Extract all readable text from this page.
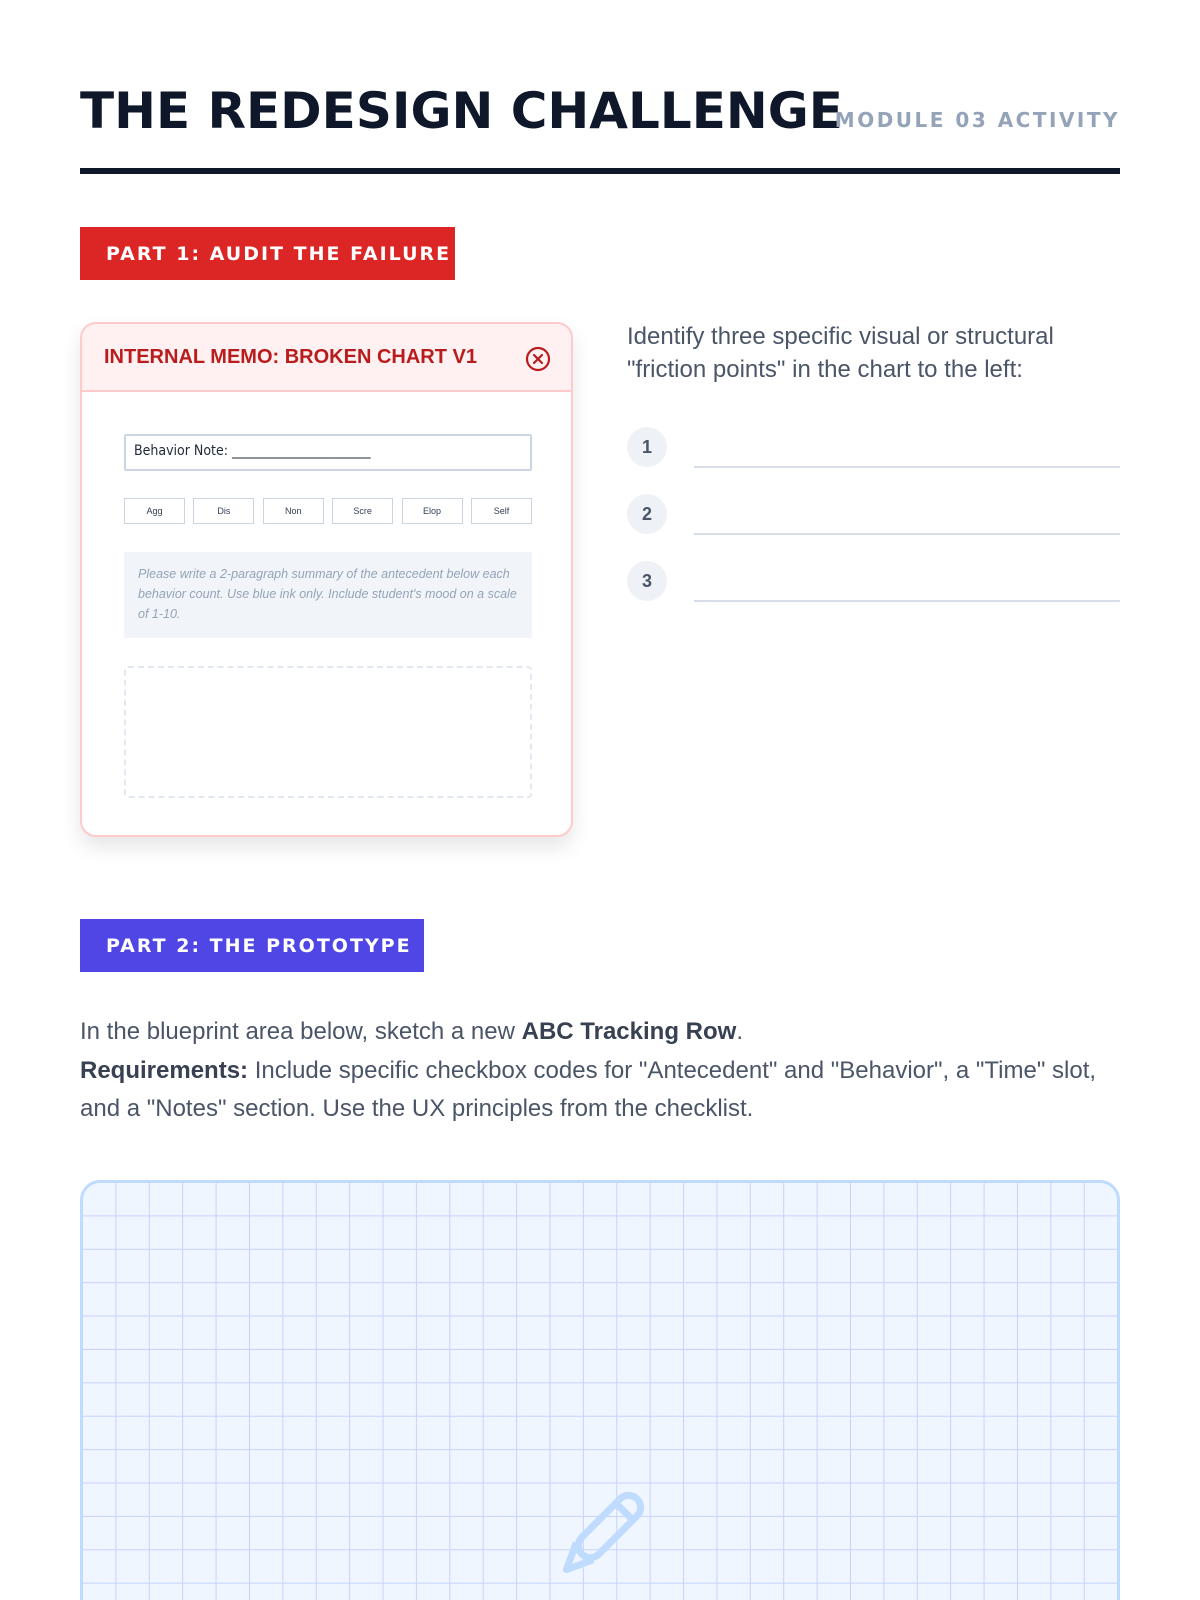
THE REDESIGN CHALLENGE
MODULE 03 ACTIVITY
PART 1: AUDIT THE FAILURE
INTERNAL MEMO: BROKEN CHART V1
Behavior Note: ______________________
Agg	Dis	Non	Scre	Elop	Self
Please write a 2-paragraph summary of the antecedent below each behavior count. Use blue ink only. Include student's mood on a scale of 1-10.
Identify three specific visual or structural "friction points" in the chart to the left:
1
2
3
PART 2: THE PROTOTYPE
In the blueprint area below, sketch a new ABC Tracking Row.
Requirements: Include specific checkbox codes for "Antecedent" and "Behavior", a "Time" slot, and a "Notes" section. Use the UX principles from the checklist.
